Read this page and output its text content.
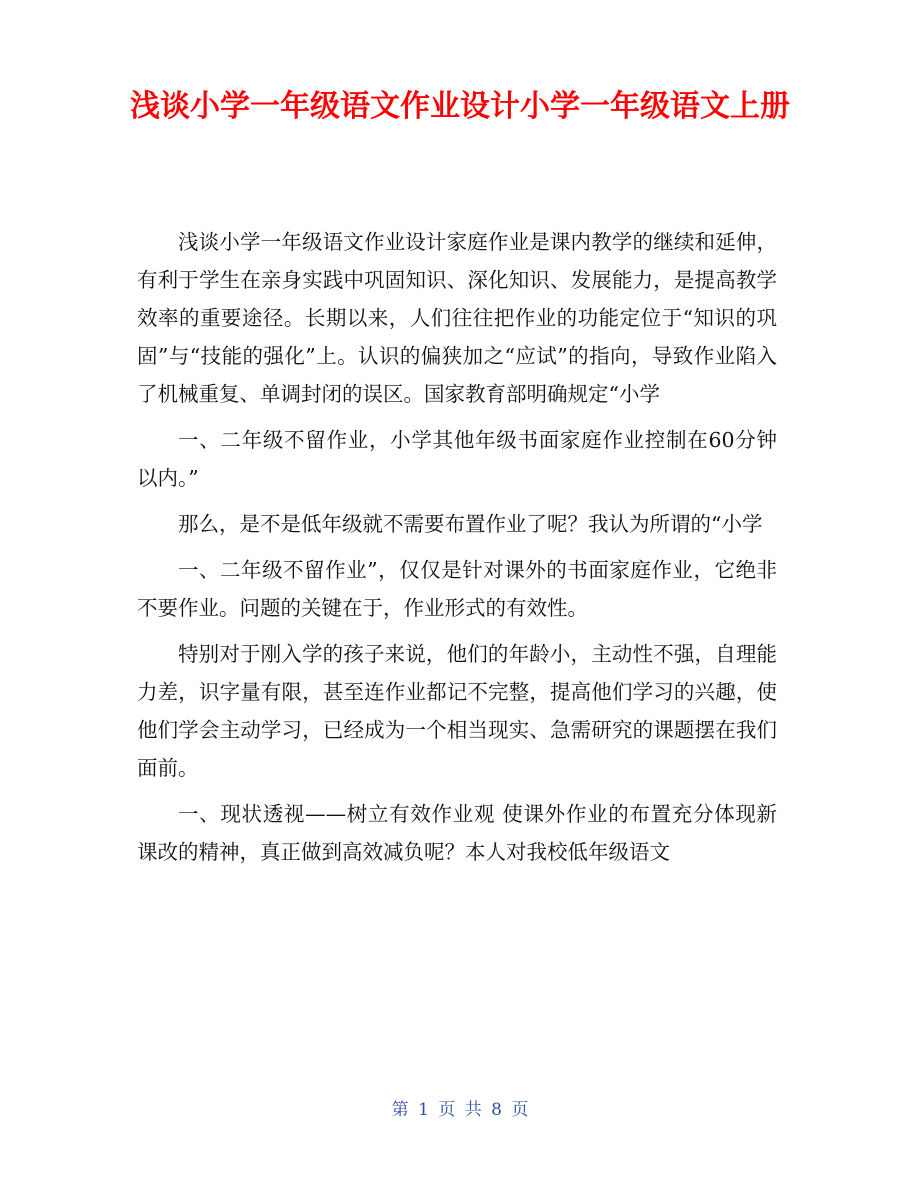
浅谈小学一年级语文作业设计小学一年级语文上册

浅谈小学一年级语文作业设计家庭作业是课内教学的继续和延伸，有利于学生在亲身实践中巩固知识、深化知识、发展能力，是提高教学效率的重要途径。长期以来，人们往往把作业的功能定位于“知识的巩固”与“技能的强化”上。认识的偏狭加之“应试”的指向，导致作业陷入了机械重复、单调封闭的误区。国家教育部明确规定“小学

一、二年级不留作业，小学其他年级书面家庭作业控制在60分钟以内。”

那么，是不是低年级就不需要布置作业了呢？我认为所谓的“小学

一、二年级不留作业”，仅仅是针对课外的书面家庭作业，它绝非不要作业。问题的关键在于，作业形式的有效性。

特别对于刚入学的孩子来说，他们的年龄小，主动性不强，自理能力差，识字量有限，甚至连作业都记不完整，提高他们学习的兴趣，使他们学会主动学习，已经成为一个相当现实、急需研究的课题摆在我们面前。

一、现状透视——树立有效作业观 使课外作业的布置充分体现新课改的精神，真正做到高效减负呢？本人对我校低年级语文

第 1 页 共 8 页
